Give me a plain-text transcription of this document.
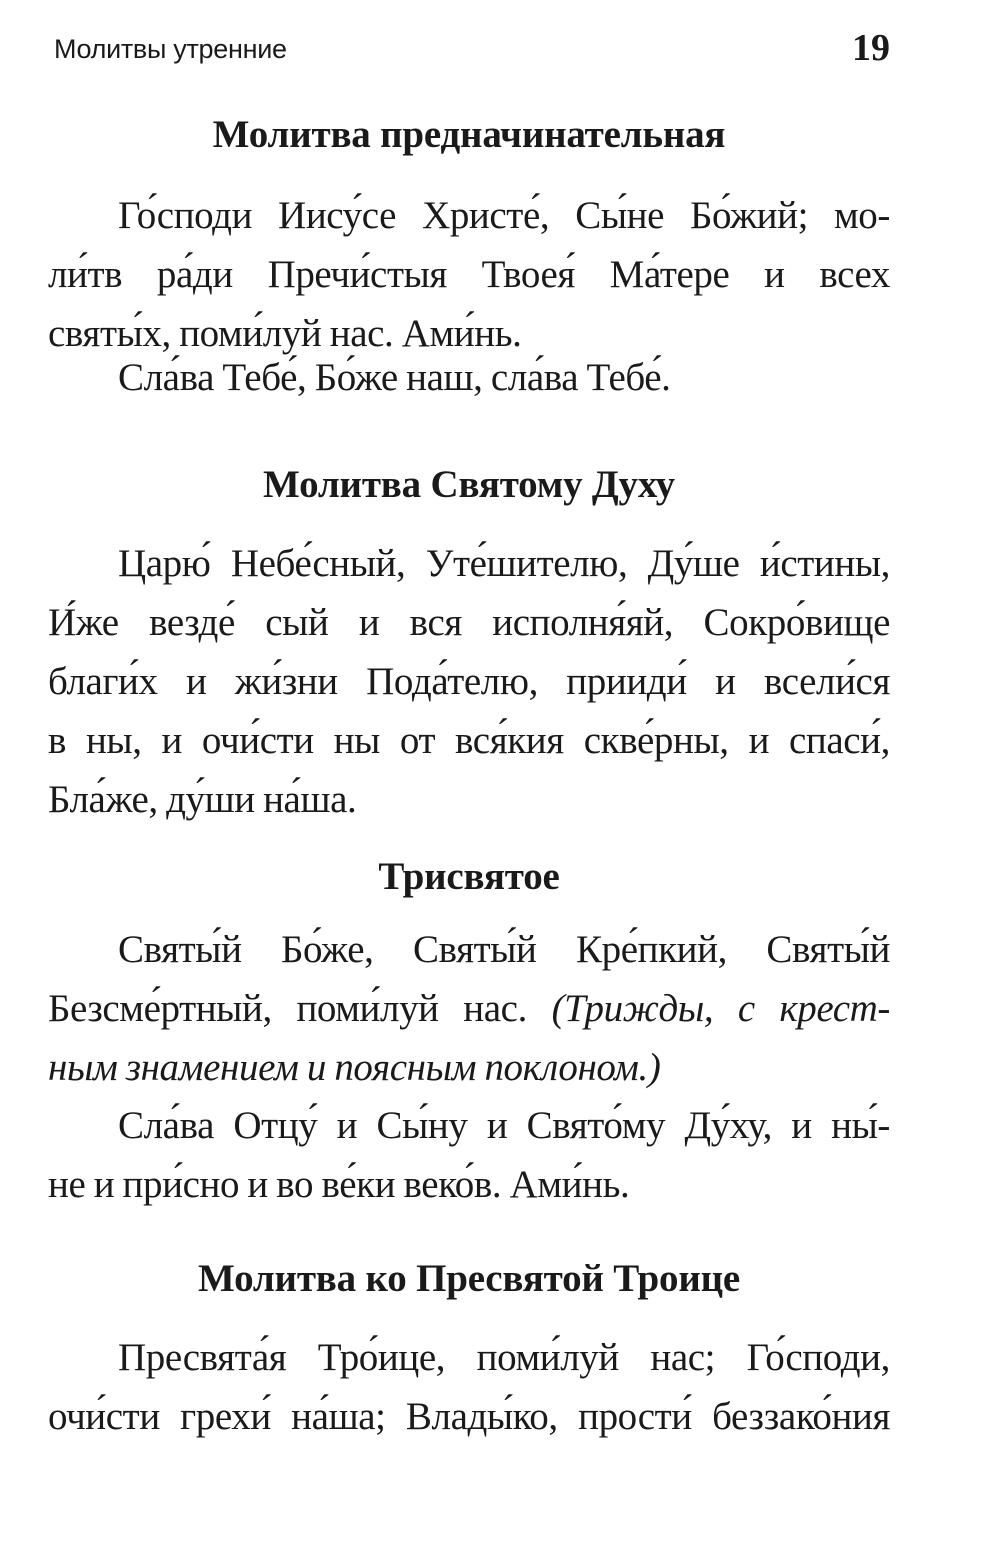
Молитвы утренние	19
Молитва предначинательная

Го́споди Иису́се Христе́, Сы́не Бо́жий; мо-
ли́тв ра́ди Пречи́стыя Твоея́ Ма́тере и всех
святы́х, поми́луй нас. Ами́нь.

Сла́ва Тебе́, Бо́же наш, сла́ва Тебе́.

Молитва Святому Духу

Царю́ Небе́сный, Уте́шителю, Ду́ше и́стины,
И́же везде́ сый и вся исполня́яй, Сокро́вище
благи́х и жи́зни Пода́телю, прииди́ и всели́ся
в ны, и очи́сти ны от вся́кия скве́рны, и спаси́,
Бла́же, ду́ши на́ша.

Трисвятое

Святы́й Бо́же, Святы́й Кре́пкий, Святы́й
Безсме́ртный, поми́луй нас. (Трижды, с крест-
ным знамением и поясным поклоном.)

Сла́ва Отцу́ и Сы́ну и Свято́му Ду́ху, и ны́-
не и при́сно и во ве́ки веко́в. Ами́нь.

Молитва ко Пресвятой Троице

Пресвята́я Тро́ице, поми́луй нас; Го́споди,
очи́сти грехи́ на́ша; Влады́ко, прости́ беззако́ния
